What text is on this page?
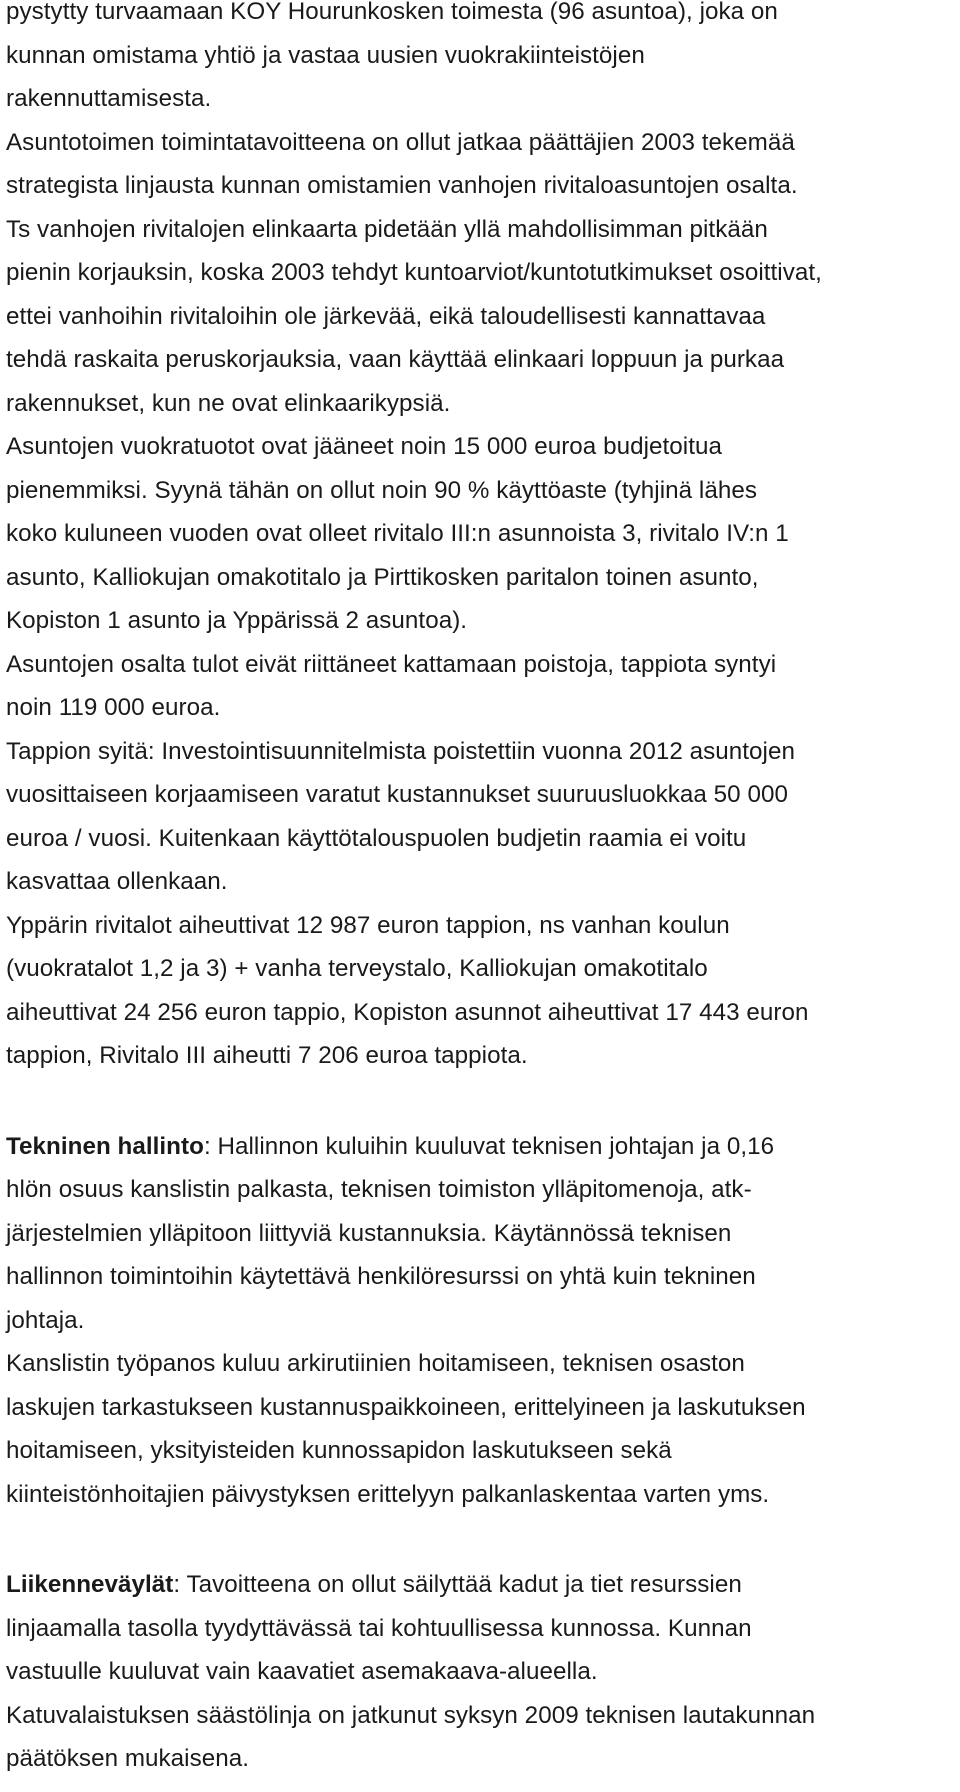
pystytty turvaamaan KOY Hourunkosken toimesta (96 asuntoa), joka on
kunnan omistama yhtiö ja vastaa uusien vuokrakiinteistöjen
rakennuttamisesta.
Asuntotoimen toimintatavoitteena on ollut jatkaa päättäjien 2003 tekemää
strategista linjausta kunnan omistamien vanhojen rivitaloasuntojen osalta.
Ts vanhojen rivitalojen elinkaarta pidetään yllä mahdollisimman pitkään
pienin korjauksin, koska 2003 tehdyt kuntoarviot/kuntotutkimukset osoittivat,
ettei vanhoihin rivitaloihin ole järkevää, eikä taloudellisesti kannattavaa
tehdä raskaita peruskorjauksia, vaan käyttää elinkaari loppuun ja purkaa
rakennukset, kun ne ovat elinkaarikypsiä.
Asuntojen vuokratuotot ovat jääneet noin 15 000 euroa budjetoitua
pienemmiksi. Syynä tähän on ollut noin 90 % käyttöaste (tyhjinä lähes
koko kuluneen vuoden ovat olleet rivitalo III:n asunnoista 3, rivitalo IV:n 1
asunto, Kalliokujan omakotitalo ja Pirttikosken paritalon toinen asunto,
Kopiston 1 asunto ja Yppärissä 2 asuntoa).
Asuntojen osalta tulot eivät riittäneet kattamaan poistoja, tappiota syntyi
noin 119 000 euroa.
Tappion syitä: Investointisuunnitelmista poistettiin vuonna 2012 asuntojen
vuosittaiseen korjaamiseen varatut kustannukset suuruusluokkaa 50 000
euroa / vuosi. Kuitenkaan käyttötalouspuolen budjetin raamia ei voitu
kasvattaa ollenkaan.
Yppärin rivitalot aiheuttivat 12 987 euron tappion, ns vanhan koulun
(vuokratalot 1,2 ja 3) + vanha terveystalo, Kalliokujan omakotitalo
aiheuttivat 24 256 euron tappio, Kopiston asunnot aiheuttivat 17 443 euron
tappion, Rivitalo III aiheutti 7 206 euroa tappiota.
Tekninen hallinto: Hallinnon kuluihin kuuluvat teknisen johtajan ja 0,16
hlön osuus kanslistin palkasta, teknisen toimiston ylläpitomenoja, atk-
järjestelmien ylläpitoon liittyviä kustannuksia. Käytännössä teknisen
hallinnon toimintoihin käytettävä henkilöresurssi on yhtä kuin tekninen
johtaja.
Kanslistin työpanos kuluu arkirutiinien hoitamiseen, teknisen osaston
laskujen tarkastukseen kustannuspaikkoineen, erittelyineen ja laskutuksen
hoitamiseen, yksityisteiden kunnossapidon laskutukseen sekä
kiinteistönhoitajien päivystyksen erittelyyn palkanlaskentaa varten yms.
Liikenneväylät: Tavoitteena on ollut säilyttää kadut ja tiet resurssien
linjaamalla tasolla tyydyttävässä tai kohtuullisessa kunnossa. Kunnan
vastuulle kuuluvat vain kaavatiet asemakaava-alueella.
Katuvalaistuksen säästölinja on jatkunut syksyn 2009 teknisen lautakunnan
päätöksen mukaisena.
